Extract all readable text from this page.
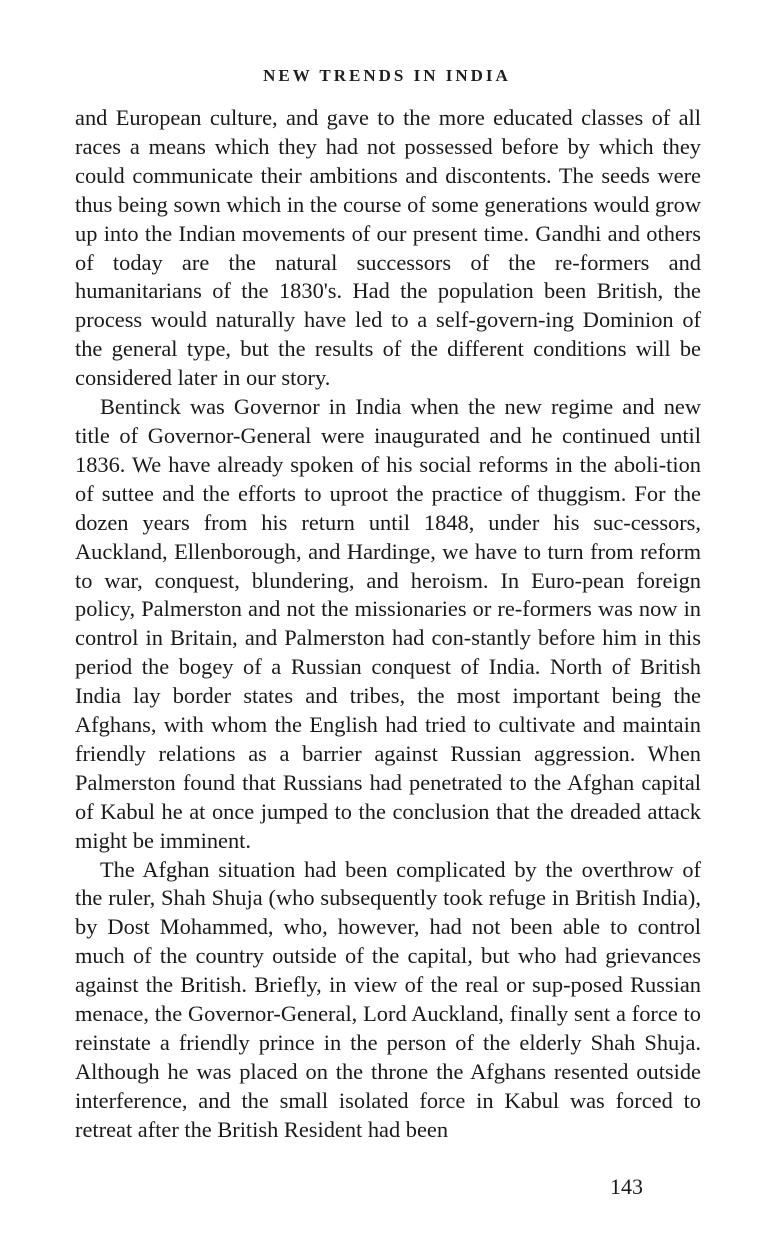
NEW TRENDS IN INDIA

and European culture, and gave to the more educated classes of all races a means which they had not possessed before by which they could communicate their ambitions and discontents. The seeds were thus being sown which in the course of some generations would grow up into the Indian movements of our present time. Gandhi and others of today are the natural successors of the re-formers and humanitarians of the 1830's. Had the population been British, the process would naturally have led to a self-govern-ing Dominion of the general type, but the results of the different conditions will be considered later in our story.

Bentinck was Governor in India when the new regime and new title of Governor-General were inaugurated and he continued until 1836. We have already spoken of his social reforms in the aboli-tion of suttee and the efforts to uproot the practice of thuggism. For the dozen years from his return until 1848, under his suc-cessors, Auckland, Ellenborough, and Hardinge, we have to turn from reform to war, conquest, blundering, and heroism. In Euro-pean foreign policy, Palmerston and not the missionaries or re-formers was now in control in Britain, and Palmerston had con-stantly before him in this period the bogey of a Russian conquest of India. North of British India lay border states and tribes, the most important being the Afghans, with whom the English had tried to cultivate and maintain friendly relations as a barrier against Russian aggression. When Palmerston found that Russians had penetrated to the Afghan capital of Kabul he at once jumped to the conclusion that the dreaded attack might be imminent.

The Afghan situation had been complicated by the overthrow of the ruler, Shah Shuja (who subsequently took refuge in British India), by Dost Mohammed, who, however, had not been able to control much of the country outside of the capital, but who had grievances against the British. Briefly, in view of the real or sup-posed Russian menace, the Governor-General, Lord Auckland, finally sent a force to reinstate a friendly prince in the person of the elderly Shah Shuja. Although he was placed on the throne the Afghans resented outside interference, and the small isolated force in Kabul was forced to retreat after the British Resident had been

143
